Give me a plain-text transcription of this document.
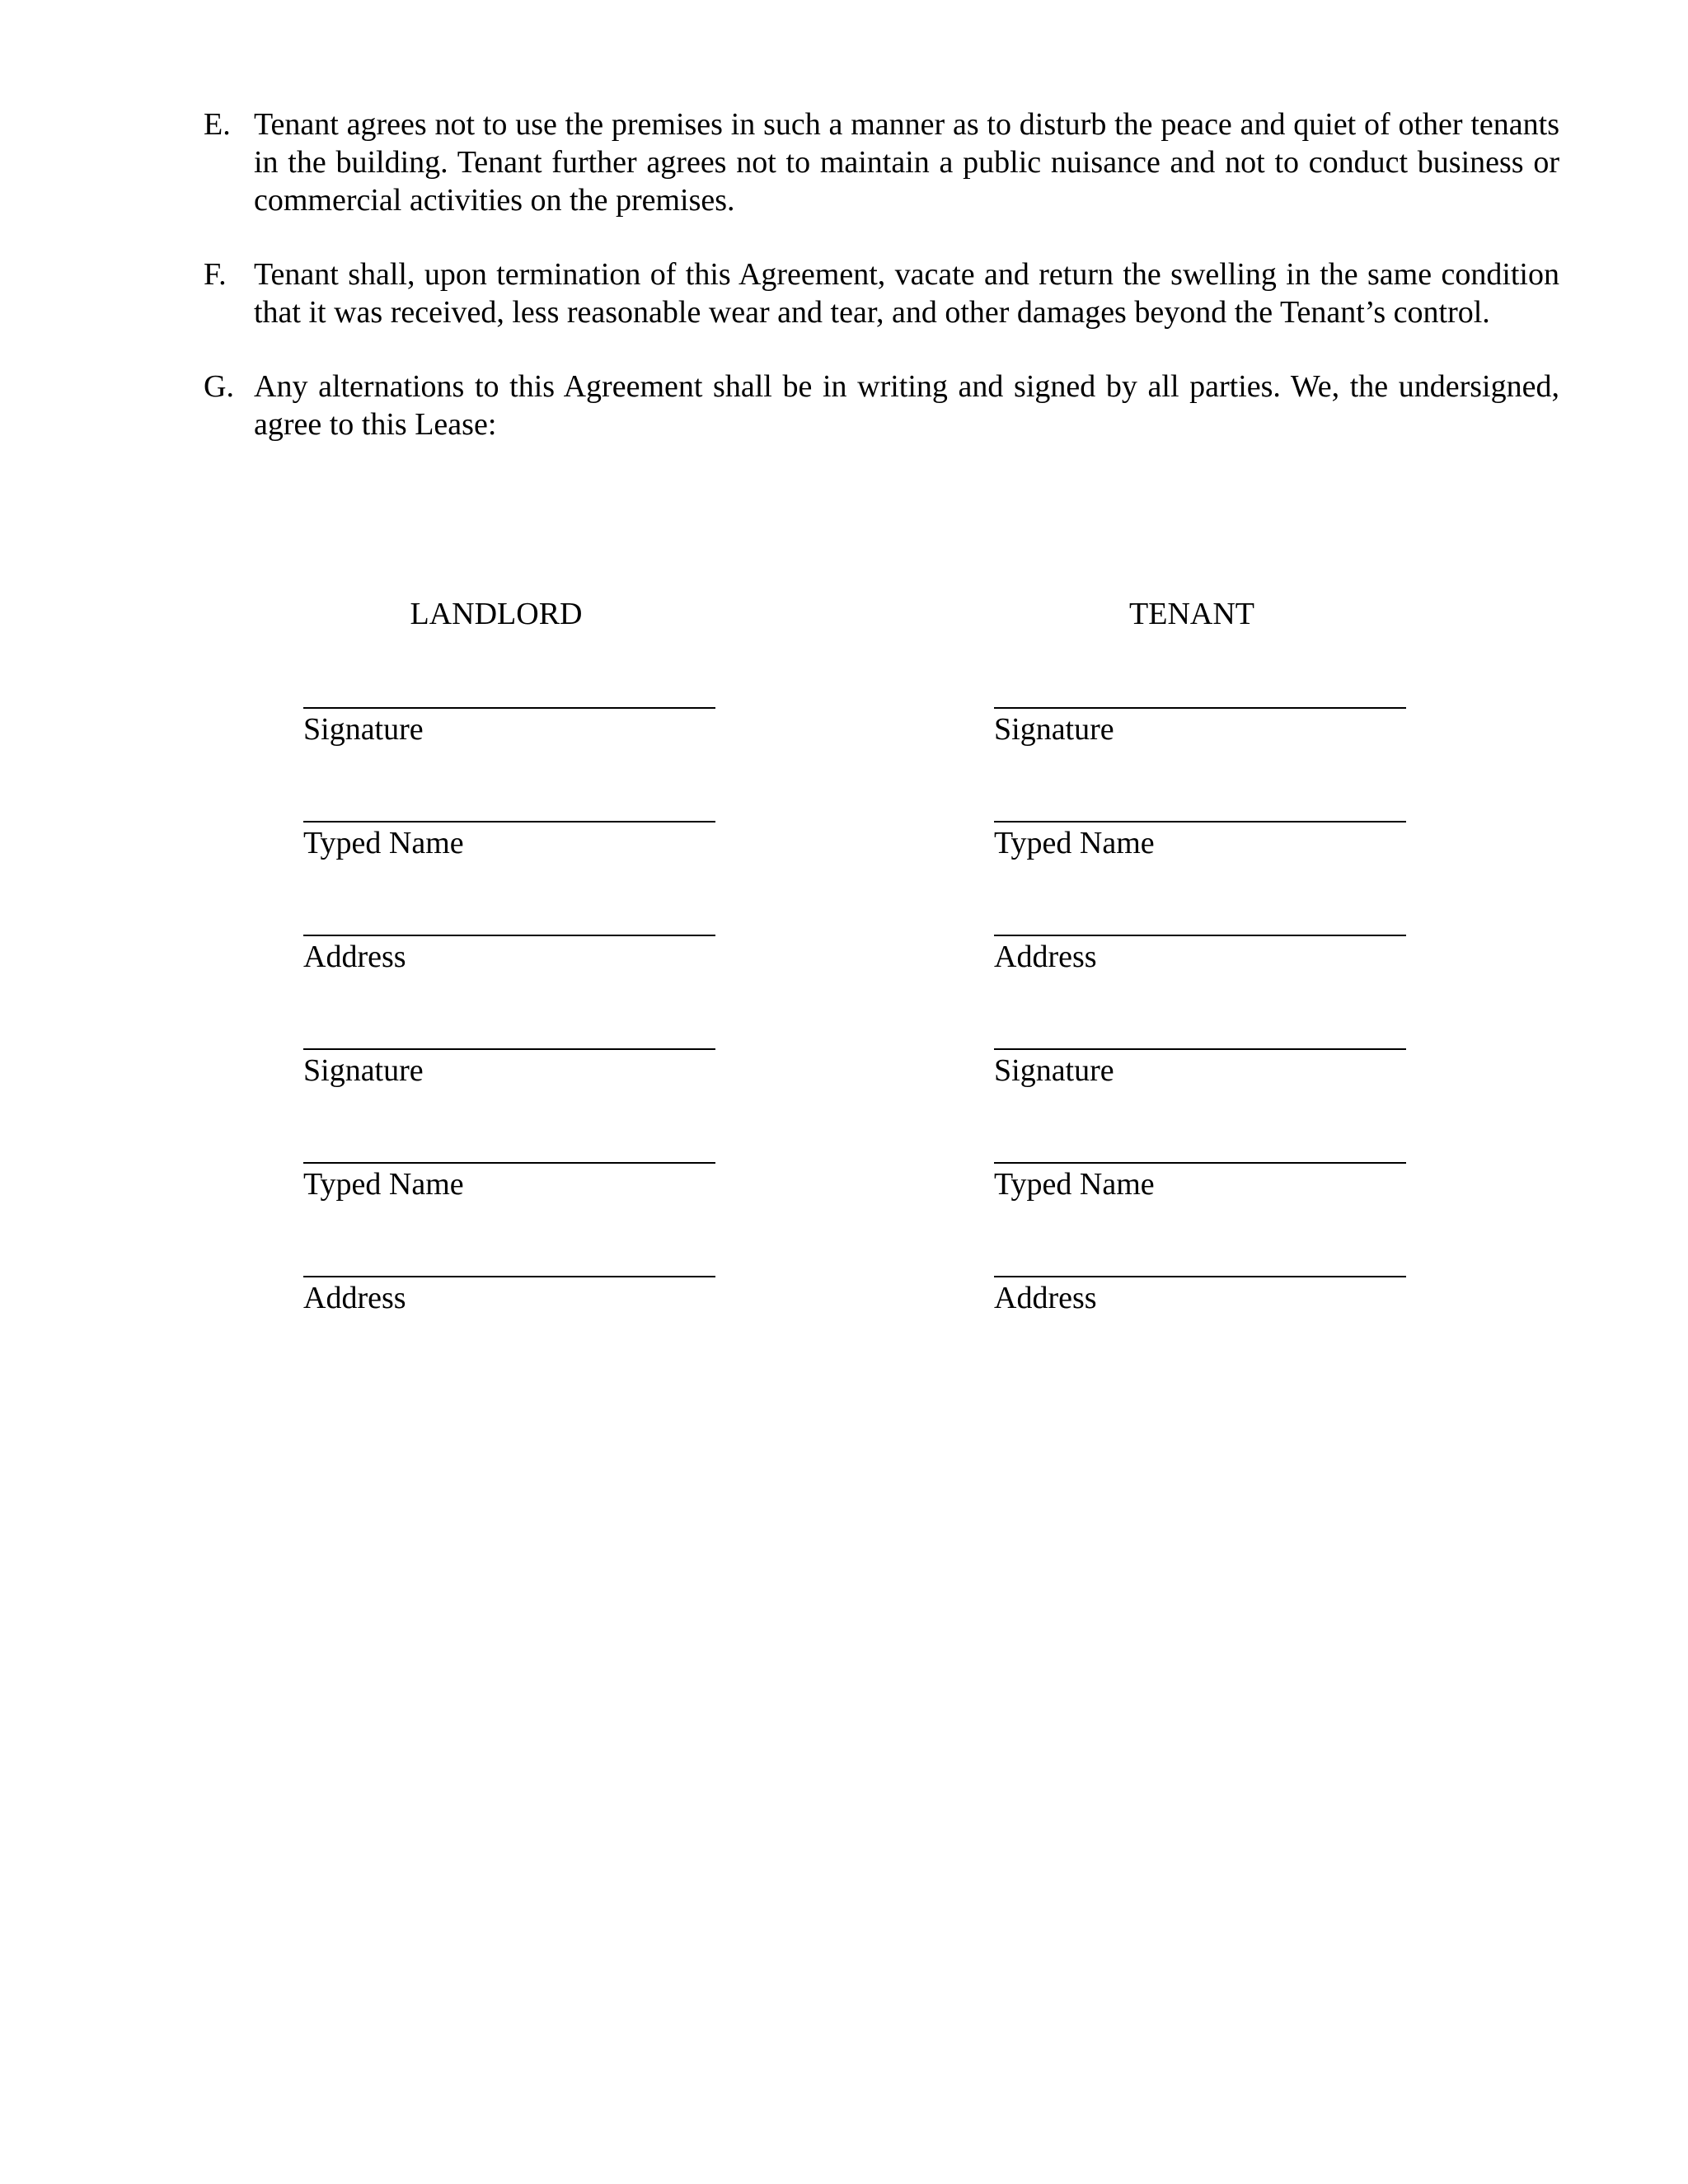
E. Tenant agrees not to use the premises in such a manner as to disturb the peace and quiet of other tenants in the building. Tenant further agrees not to maintain a public nuisance and not to conduct business or commercial activities on the premises.
F. Tenant shall, upon termination of this Agreement, vacate and return the swelling in the same condition that it was received, less reasonable wear and tear, and other damages beyond the Tenant’s control.
G. Any alternations to this Agreement shall be in writing and signed by all parties. We, the undersigned, agree to this Lease:
LANDLORD	TENANT
Signature
Typed Name
Address
Signature
Typed Name
Address
Signature
Typed Name
Address
Signature
Typed Name
Address
